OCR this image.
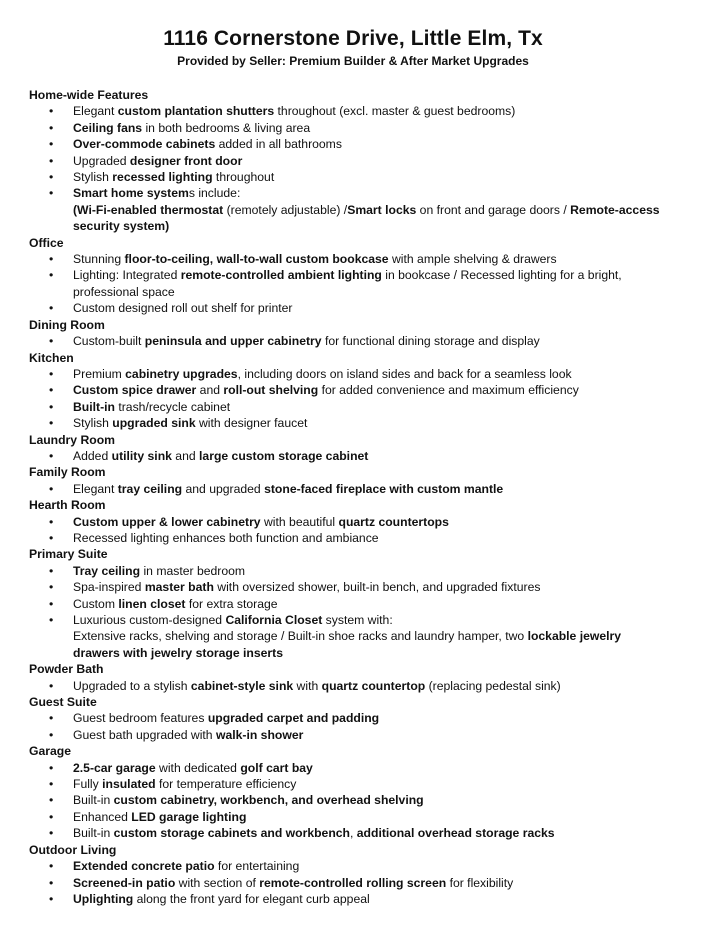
1116 Cornerstone Drive, Little Elm, Tx
Provided by Seller: Premium Builder & After Market Upgrades
Home-wide Features
• Elegant custom plantation shutters throughout (excl. master & guest bedrooms)
• Ceiling fans in both bedrooms & living area
• Over-commode cabinets added in all bathrooms
• Upgraded designer front door
• Stylish recessed lighting throughout
• Smart home systems include:
(Wi-Fi-enabled thermostat (remotely adjustable) /Smart locks on front and garage doors / Remote-access security system)
Office
• Stunning floor-to-ceiling, wall-to-wall custom bookcase with ample shelving & drawers
• Lighting: Integrated remote-controlled ambient lighting in bookcase / Recessed lighting for a bright, professional space
• Custom designed roll out shelf for printer
Dining Room
• Custom-built peninsula and upper cabinetry for functional dining storage and display
Kitchen
• Premium cabinetry upgrades, including doors on island sides and back for a seamless look
• Custom spice drawer and roll-out shelving for added convenience and maximum efficiency
• Built-in trash/recycle cabinet
• Stylish upgraded sink with designer faucet
Laundry Room
• Added utility sink and large custom storage cabinet
Family Room
• Elegant tray ceiling and upgraded stone-faced fireplace with custom mantle
Hearth Room
• Custom upper & lower cabinetry with beautiful quartz countertops
• Recessed lighting enhances both function and ambiance
Primary Suite
• Tray ceiling in master bedroom
• Spa-inspired master bath with oversized shower, built-in bench, and upgraded fixtures
• Custom linen closet for extra storage
• Luxurious custom-designed California Closet system with:
Extensive racks, shelving and storage / Built-in shoe racks and laundry hamper, two lockable jewelry drawers with jewelry storage inserts
Powder Bath
• Upgraded to a stylish cabinet-style sink with quartz countertop (replacing pedestal sink)
Guest Suite
• Guest bedroom features upgraded carpet and padding
• Guest bath upgraded with walk-in shower
Garage
• 2.5-car garage with dedicated golf cart bay
• Fully insulated for temperature efficiency
• Built-in custom cabinetry, workbench, and overhead shelving
• Enhanced LED garage lighting
• Built-in custom storage cabinets and workbench, additional overhead storage racks
Outdoor Living
• Extended concrete patio for entertaining
• Screened-in patio with section of remote-controlled rolling screen for flexibility
• Uplighting along the front yard for elegant curb appeal
